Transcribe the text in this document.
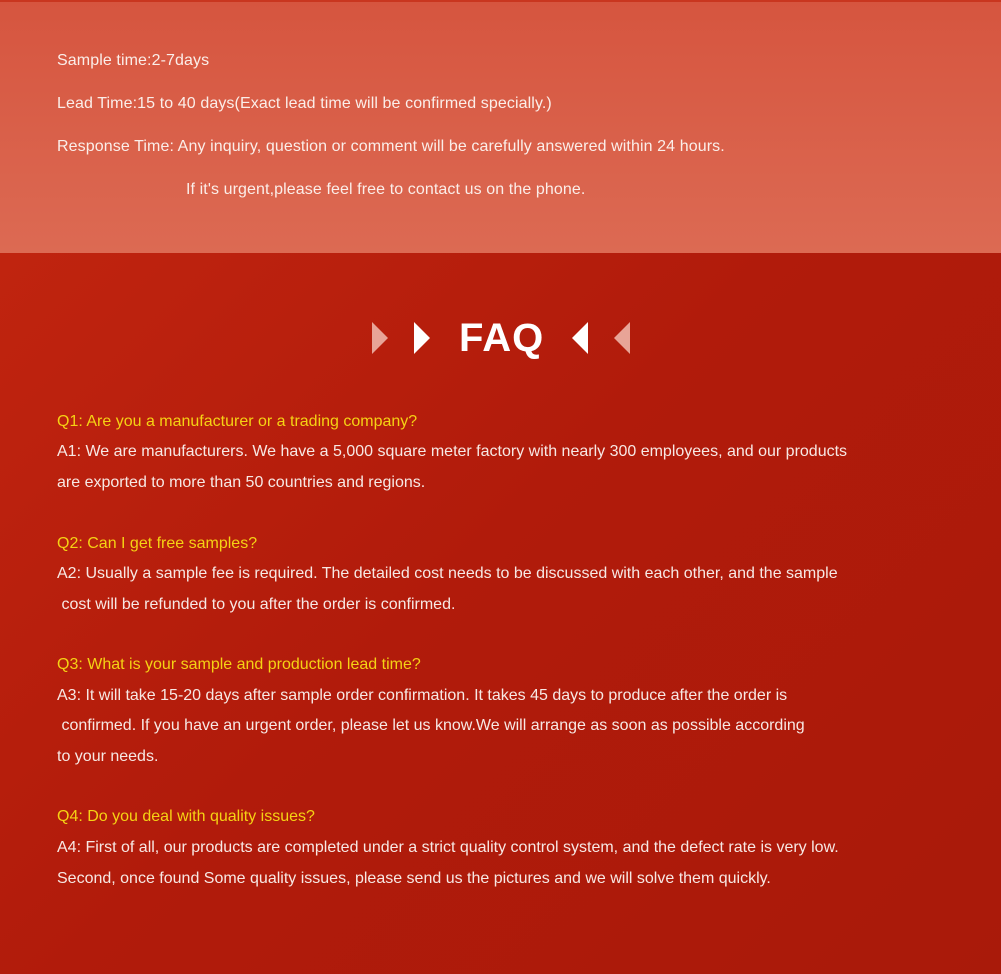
Sample time:2-7days
Lead Time:15 to 40 days(Exact lead time will be confirmed specially.)
Response Time: Any inquiry, question or comment will be carefully answered within 24 hours.
If it's urgent,please feel free to contact us on the phone.
FAQ
Q1: Are you a manufacturer or a trading company?
A1: We are manufacturers. We have a 5,000 square meter factory with nearly 300 employees, and our products
are exported to more than 50 countries and regions.
Q2: Can I get free samples?
A2: Usually a sample fee is required. The detailed cost needs to be discussed with each other, and the sample
cost will be refunded to you after the order is confirmed.
Q3: What is your sample and production lead time?
A3: It will take 15-20 days after sample order confirmation. It takes 45 days to produce after the order is
confirmed. If you have an urgent order, please let us know.We will arrange as soon as possible according
to your needs.
Q4: Do you deal with quality issues?
A4: First of all, our products are completed under a strict quality control system, and the defect rate is very low.
Second, once found Some quality issues, please send us the pictures and we will solve them quickly.
